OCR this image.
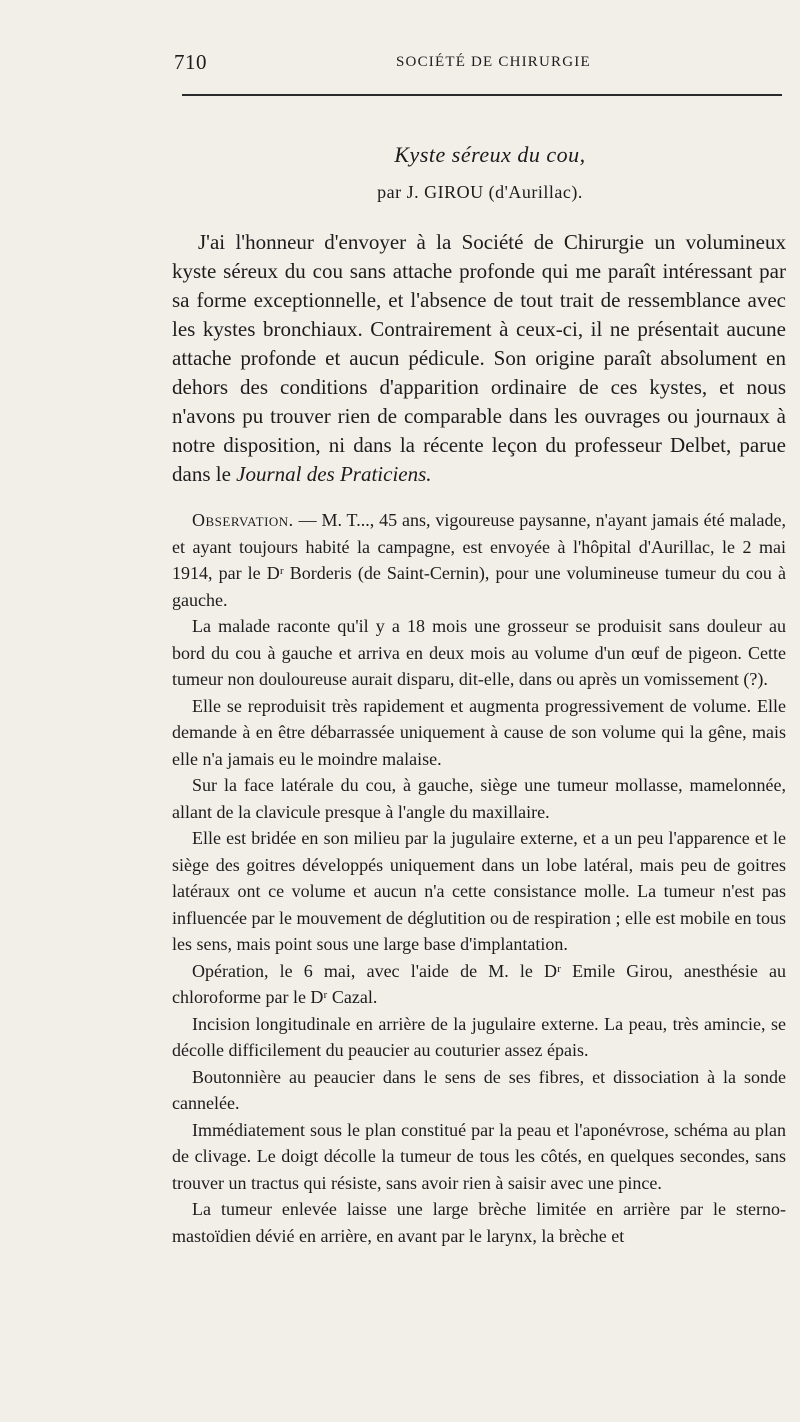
710	SOCIÉTÉ DE CHIRURGIE
Kyste séreux du cou,
par J. GIROU (d'Aurillac).

J'ai l'honneur d'envoyer à la Société de Chirurgie un volumineux kyste séreux du cou sans attache profonde qui me paraît intéressant par sa forme exceptionnelle, et l'absence de tout trait de ressemblance avec les kystes bronchiaux. Contrairement à ceux-ci, il ne présentait aucune attache profonde et aucun pédicule. Son origine paraît absolument en dehors des conditions d'apparition ordinaire de ces kystes, et nous n'avons pu trouver rien de comparable dans les ouvrages ou journaux à notre disposition, ni dans la récente leçon du professeur Delbet, parue dans le Journal des Praticiens.

Observation. — M. T..., 45 ans, vigoureuse paysanne, n'ayant jamais été malade, et ayant toujours habité la campagne, est envoyée à l'hôpital d'Aurillac, le 2 mai 1914, par le Dʳ Borderis (de Saint-Cernin), pour une volumineuse tumeur du cou à gauche.

La malade raconte qu'il y a 18 mois une grosseur se produisit sans douleur au bord du cou à gauche et arriva en deux mois au volume d'un œuf de pigeon. Cette tumeur non douloureuse aurait disparu, dit-elle, dans ou après un vomissement (?).

Elle se reproduisit très rapidement et augmenta progressivement de volume. Elle demande à en être débarrassée uniquement à cause de son volume qui la gêne, mais elle n'a jamais eu le moindre malaise.

Sur la face latérale du cou, à gauche, siège une tumeur mollasse, mamelonnée, allant de la clavicule presque à l'angle du maxillaire.

Elle est bridée en son milieu par la jugulaire externe, et a un peu l'apparence et le siège des goitres développés uniquement dans un lobe latéral, mais peu de goitres latéraux ont ce volume et aucun n'a cette consistance molle. La tumeur n'est pas influencée par le mouvement de déglutition ou de respiration ; elle est mobile en tous les sens, mais point sous une large base d'implantation.

Opération, le 6 mai, avec l'aide de M. le Dʳ Emile Girou, anesthésie au chloroforme par le Dʳ Cazal.

Incision longitudinale en arrière de la jugulaire externe. La peau, très amincie, se décolle difficilement du peaucier au couturier assez épais.

Boutonnière au peaucier dans le sens de ses fibres, et dissociation à la sonde cannelée.

Immédiatement sous le plan constitué par la peau et l'aponévrose, schéma au plan de clivage. Le doigt décolle la tumeur de tous les côtés, en quelques secondes, sans trouver un tractus qui résiste, sans avoir rien à saisir avec une pince.

La tumeur enlevée laisse une large brèche limitée en arrière par le sterno-mastoïdien dévié en arrière, en avant par le larynx, la brèche et
